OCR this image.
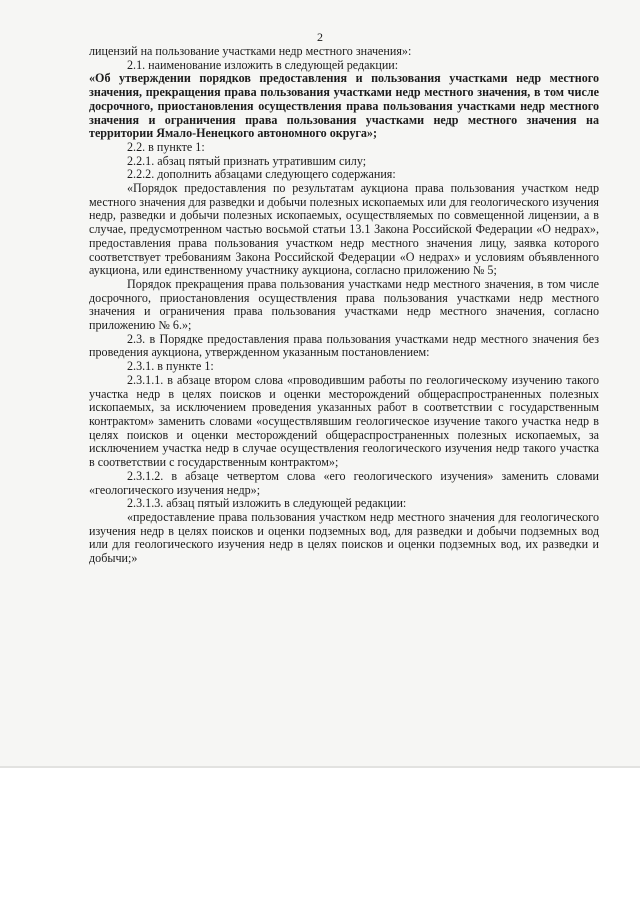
2

лицензий на пользование участками недр местного значения»:

2.1. наименование изложить в следующей редакции:

«Об утверждении порядков предоставления и пользования участками недр местного значения, прекращения права пользования участками недр местного значения, в том числе досрочного, приостановления осуществления права пользования участками недр местного значения и ограничения права пользования участками недр местного значения на территории Ямало-Ненецкого автономного округа»;

2.2. в пункте 1:

2.2.1. абзац пятый признать утратившим силу;

2.2.2. дополнить абзацами следующего содержания:

«Порядок предоставления по результатам аукциона права пользования участком недр местного значения для разведки и добычи полезных ископаемых или для геологического изучения недр, разведки и добычи полезных ископаемых, осуществляемых по совмещенной лицензии, а в случае, предусмотренном частью восьмой статьи 13.1 Закона Российской Федерации «О недрах», предоставления права пользования участком недр местного значения лицу, заявка которого соответствует требованиям Закона Российской Федерации «О недрах» и условиям объявленного аукциона, или единственному участнику аукциона, согласно приложению № 5;

Порядок прекращения права пользования участками недр местного значения, в том числе досрочного, приостановления осуществления права пользования участками недр местного значения и ограничения права пользования участками недр местного значения, согласно приложению № 6.»;

2.3. в Порядке предоставления права пользования участками недр местного значения без проведения аукциона, утвержденном указанным постановлением:

2.3.1. в пункте 1:

2.3.1.1. в абзаце втором слова «проводившим работы по геологическому изучению такого участка недр в целях поисков и оценки месторождений общераспространенных полезных ископаемых, за исключением проведения указанных работ в соответствии с государственным контрактом» заменить словами «осуществлявшим геологическое изучение такого участка недр в целях поисков и оценки месторождений общераспространенных полезных ископаемых, за исключением участка недр в случае осуществления геологического изучения недр такого участка в соответствии с государственным контрактом»;

2.3.1.2. в абзаце четвертом слова «его геологического изучения» заменить словами «геологического изучения недр»;

2.3.1.3. абзац пятый изложить в следующей редакции:

«предоставление права пользования участком недр местного значения для геологического изучения недр в целях поисков и оценки подземных вод, для разведки и добычи подземных вод или для геологического изучения недр в целях поисков и оценки подземных вод, их разведки и добычи;»
